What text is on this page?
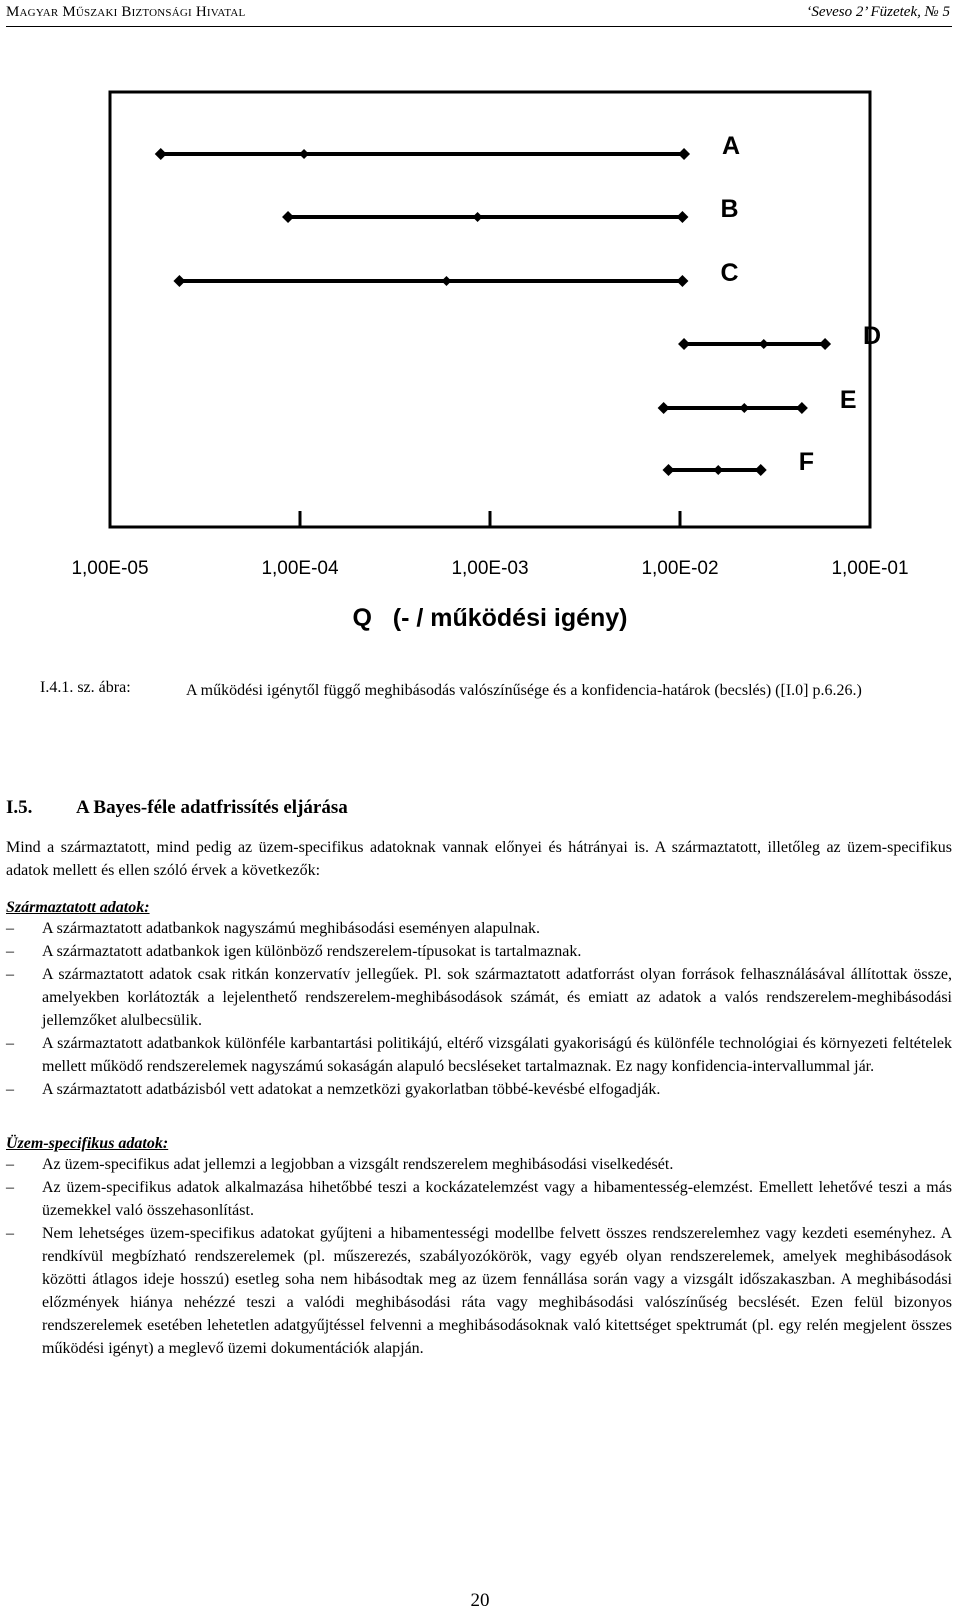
Magyar Műszaki Biztonsági Hivatal	‘Seveso 2’ Füzetek, № 5
A
B
C
D
E
F
1,00E-05	1,00E-04	1,00E-03	1,00E-02	1,00E-01
Q   (- / működési igény)
I.4.1. sz. ábra:	A működési igénytől függő meghibásodás valószínűsége és a konfidencia-határok (becslés) ([I.0] p.6.26.)
I.5. A Bayes-féle adatfrissítés eljárása

Mind a származtatott, mind pedig az üzem-specifikus adatoknak vannak előnyei és hátrányai is. A származtatott, illetőleg az üzem-specifikus adatok mellett és ellen szóló érvek a következők:

Származtatott adatok:
–	A származtatott adatbankok nagyszámú meghibásodási eseményen alapulnak.
–	A származtatott adatbankok igen különböző rendszerelem-típusokat is tartalmaznak.
–	A származtatott adatok csak ritkán konzervatív jellegűek. Pl. sok származtatott adatforrást olyan források felhasználásával állítottak össze, amelyekben korlátozták a lejelenthető rendszerelem-meghibásodások számát, és emiatt az adatok a valós rendszerelem-meghibásodási jellemzőket alulbecsülik.
–	A származtatott adatbankok különféle karbantartási politikájú, eltérő vizsgálati gyakoriságú és különféle technológiai és környezeti feltételek mellett működő rendszerelemek nagyszámú sokaságán alapuló becsléseket tartalmaznak. Ez nagy konfidencia-intervallummal jár.
–	A származtatott adatbázisból vett adatokat a nemzetközi gyakorlatban többé-kevésbé elfogadják.
Üzem-specifikus adatok:
–	Az üzem-specifikus adat jellemzi a legjobban a vizsgált rendszerelem meghibásodási viselkedését.
–	Az üzem-specifikus adatok alkalmazása hihetőbbé teszi a kockázatelemzést vagy a hibamentesség-elemzést. Emellett lehetővé teszi a más üzemekkel való összehasonlítást.
–	Nem lehetséges üzem-specifikus adatokat gyűjteni a hibamentességi modellbe felvett összes rendszerelemhez vagy kezdeti eseményhez. A rendkívül megbízható rendszerelemek (pl. műszerezés, szabályozókörök, vagy egyéb olyan rendszerelemek, amelyek meghibásodások közötti átlagos ideje hosszú) esetleg soha nem hibásodtak meg az üzem fennállása során vagy a vizsgált időszakaszban. A meghibásodási előzmények hiánya nehézzé teszi a valódi meghibásodási ráta vagy meghibásodási valószínűség becslését. Ezen felül bizonyos rendszerelemek esetében lehetetlen adatgyűjtéssel felvenni a meghibásodásoknak való kitettséget spektrumát (pl. egy relén megjelent összes működési igényt) a meglevő üzemi dokumentációk alapján.
20
